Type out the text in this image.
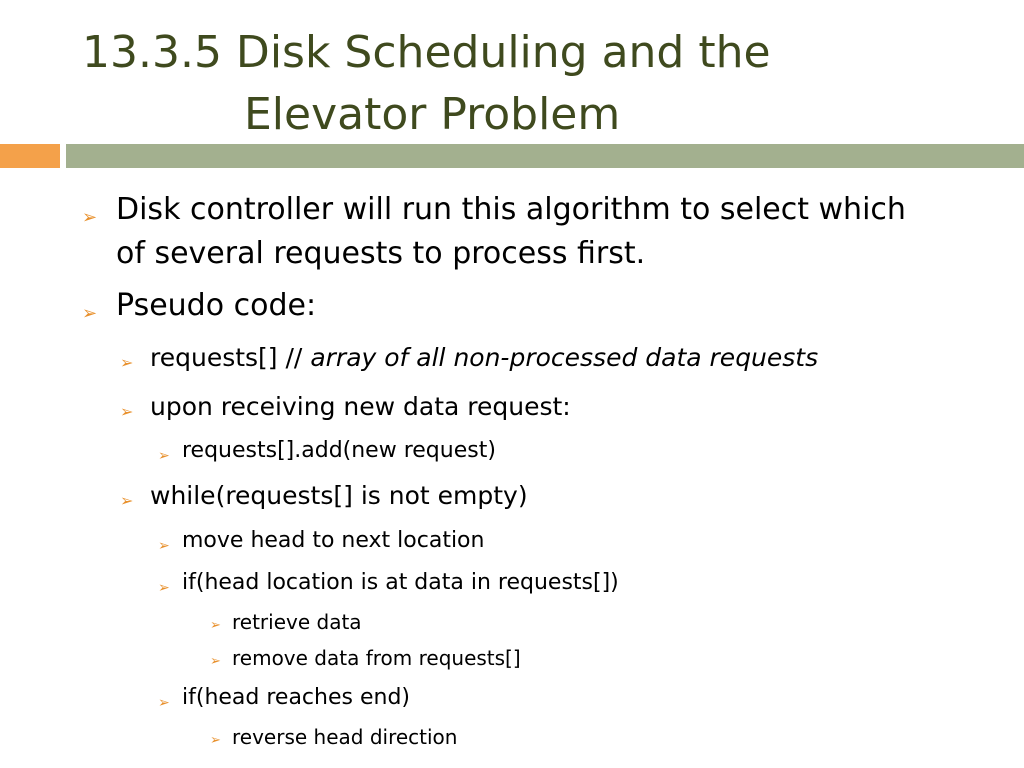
13.3.5 Disk Scheduling and the
Elevator Problem
➢ Disk controller will run this algorithm to select which
of several requests to process first.
➢ Pseudo code:
➢ requests[] // array of all non-processed data requests
➢ upon receiving new data request:
➢ requests[].add(new request)
➢ while(requests[] is not empty)
➢ move head to next location
➢ if(head location is at data in requests[])
➢ retrieve data
➢ remove data from requests[]
➢ if(head reaches end)
➢ reverse head direction
